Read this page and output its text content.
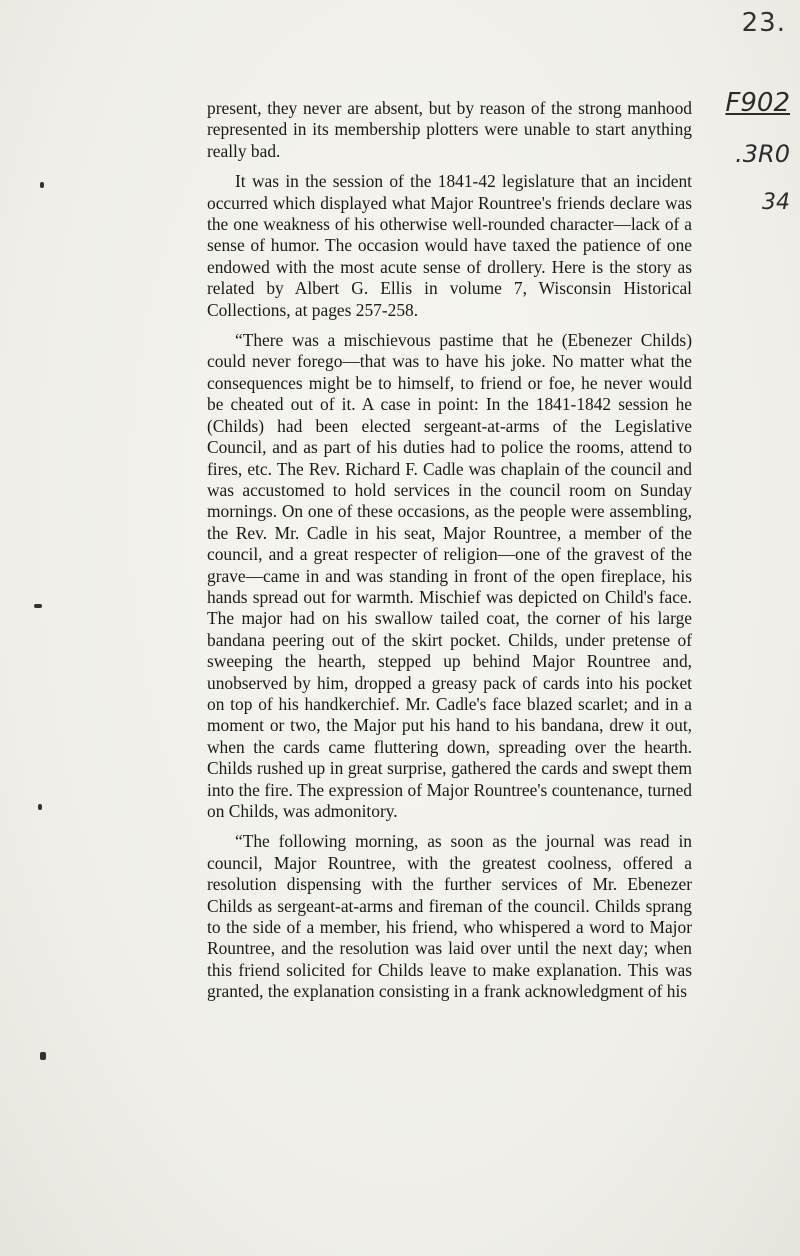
23.
F902
.3R0
34

present, they never are absent, but by reason of the strong manhood represented in its membership plotters were unable to start anything really bad.

It was in the session of the 1841-42 legislature that an incident occurred which displayed what Major Rountree's friends declare was the one weakness of his otherwise well-rounded character—lack of a sense of humor. The occasion would have taxed the patience of one endowed with the most acute sense of drollery. Here is the story as related by Albert G. Ellis in volume 7, Wisconsin Historical Collections, at pages 257-258.

“There was a mischievous pastime that he (Ebenezer Childs) could never forego—that was to have his joke. No matter what the consequences might be to himself, to friend or foe, he never would be cheated out of it. A case in point: In the 1841-1842 session he (Childs) had been elected sergeant-at-arms of the Legislative Council, and as part of his duties had to police the rooms, attend to fires, etc. The Rev. Richard F. Cadle was chaplain of the council and was accustomed to hold services in the council room on Sunday mornings. On one of these occasions, as the people were assembling, the Rev. Mr. Cadle in his seat, Major Rountree, a member of the council, and a great respecter of religion—one of the gravest of the grave—came in and was standing in front of the open fireplace, his hands spread out for warmth. Mischief was depicted on Child's face. The major had on his swallow tailed coat, the corner of his large bandana peering out of the skirt pocket. Childs, under pretense of sweeping the hearth, stepped up behind Major Rountree and, unobserved by him, dropped a greasy pack of cards into his pocket on top of his handkerchief. Mr. Cadle's face blazed scarlet; and in a moment or two, the Major put his hand to his bandana, drew it out, when the cards came fluttering down, spreading over the hearth. Childs rushed up in great surprise, gathered the cards and swept them into the fire. The expression of Major Rountree's countenance, turned on Childs, was admonitory.

“The following morning, as soon as the journal was read in council, Major Rountree, with the greatest coolness, offered a resolution dispensing with the further services of Mr. Ebenezer Childs as sergeant-at-arms and fireman of the council. Childs sprang to the side of a member, his friend, who whispered a word to Major Rountree, and the resolution was laid over until the next day; when this friend solicited for Childs leave to make explanation. This was granted, the explanation consisting in a frank acknowledgment of his
